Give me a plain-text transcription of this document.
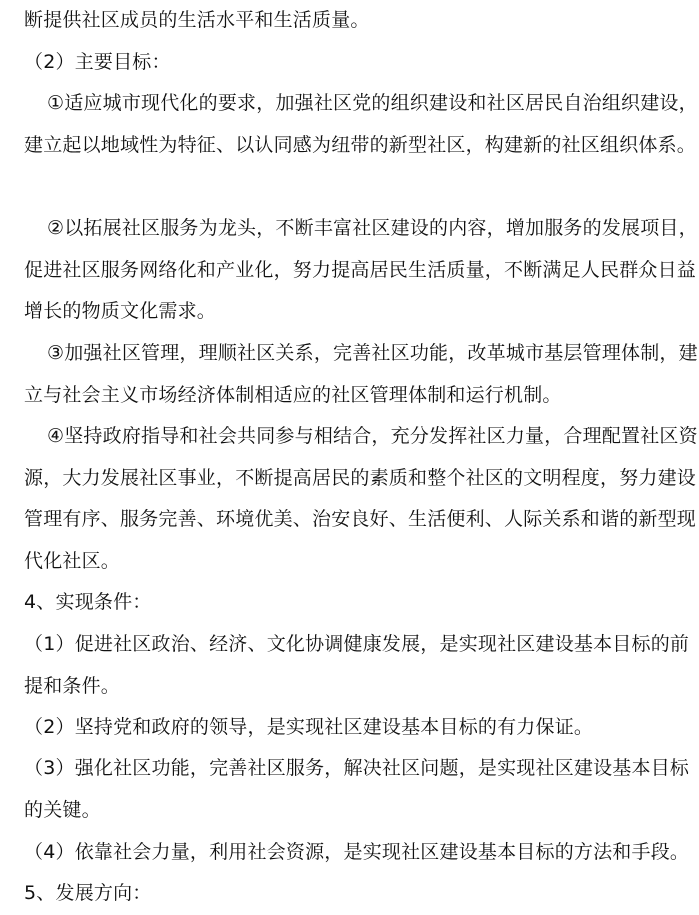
断提供社区成员的生活水平和生活质量。

（2）主要目标：

①适应城市现代化的要求，加强社区党的组织建设和社区居民自治组织建设，建立起以地域性为特征、以认同感为纽带的新型社区，构建新的社区组织体系。

②以拓展社区服务为龙头，不断丰富社区建设的内容，增加服务的发展项目，促进社区服务网络化和产业化，努力提高居民生活质量，不断满足人民群众日益增长的物质文化需求。

③加强社区管理，理顺社区关系，完善社区功能，改革城市基层管理体制，建立与社会主义市场经济体制相适应的社区管理体制和运行机制。

④坚持政府指导和社会共同参与相结合，充分发挥社区力量，合理配置社区资源，大力发展社区事业，不断提高居民的素质和整个社区的文明程度，努力建设管理有序、服务完善、环境优美、治安良好、生活便利、人际关系和谐的新型现代化社区。

4、实现条件：

（1）促进社区政治、经济、文化协调健康发展，是实现社区建设基本目标的前提和条件。

（2）坚持党和政府的领导，是实现社区建设基本目标的有力保证。

（3）强化社区功能，完善社区服务，解决社区问题，是实现社区建设基本目标的关键。

（4）依靠社会力量，利用社会资源，是实现社区建设基本目标的方法和手段。

5、发展方向：
